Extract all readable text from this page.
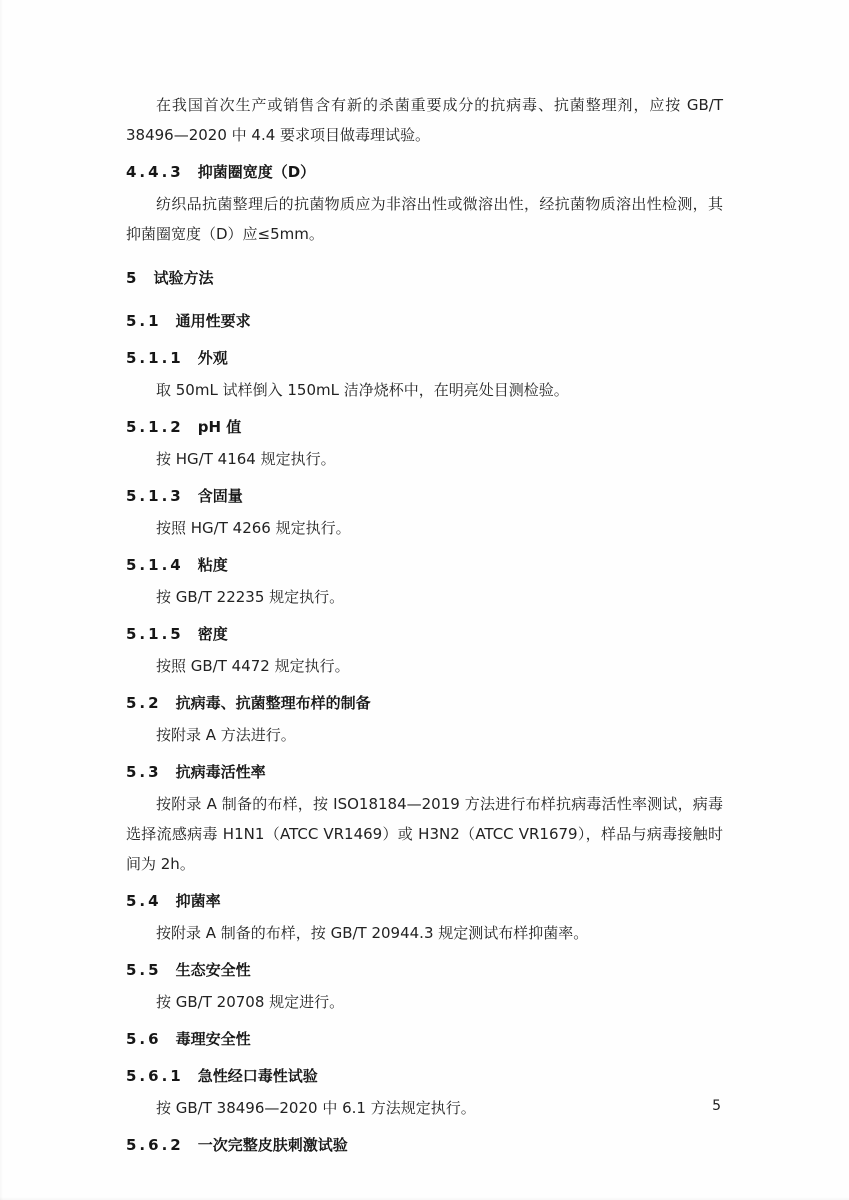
在我国首次生产或销售含有新的杀菌重要成分的抗病毒、抗菌整理剂，应按 GB/T 38496—2020 中 4.4 要求项目做毒理试验。
4.4.3 抑菌圈宽度（D）
纺织品抗菌整理后的抗菌物质应为非溶出性或微溶出性，经抗菌物质溶出性检测，其抑菌圈宽度（D）应≤5mm。
5 试验方法
5.1 通用性要求
5.1.1 外观
取 50mL 试样倒入 150mL 洁净烧杯中，在明亮处目测检验。
5.1.2 pH 值
按 HG/T 4164 规定执行。
5.1.3 含固量
按照 HG/T 4266 规定执行。
5.1.4 粘度
按 GB/T 22235 规定执行。
5.1.5 密度
按照 GB/T 4472 规定执行。
5.2 抗病毒、抗菌整理布样的制备
按附录 A 方法进行。
5.3 抗病毒活性率
按附录 A 制备的布样，按 ISO18184—2019 方法进行布样抗病毒活性率测试，病毒选择流感病毒 H1N1（ATCC VR1469）或 H3N2（ATCC VR1679），样品与病毒接触时间为 2h。
5.4 抑菌率
按附录 A 制备的布样，按 GB/T 20944.3 规定测试布样抑菌率。
5.5 生态安全性
按 GB/T 20708 规定进行。
5.6 毒理安全性
5.6.1 急性经口毒性试验
按 GB/T 38496—2020 中 6.1 方法规定执行。
5.6.2 一次完整皮肤刺激试验
5
